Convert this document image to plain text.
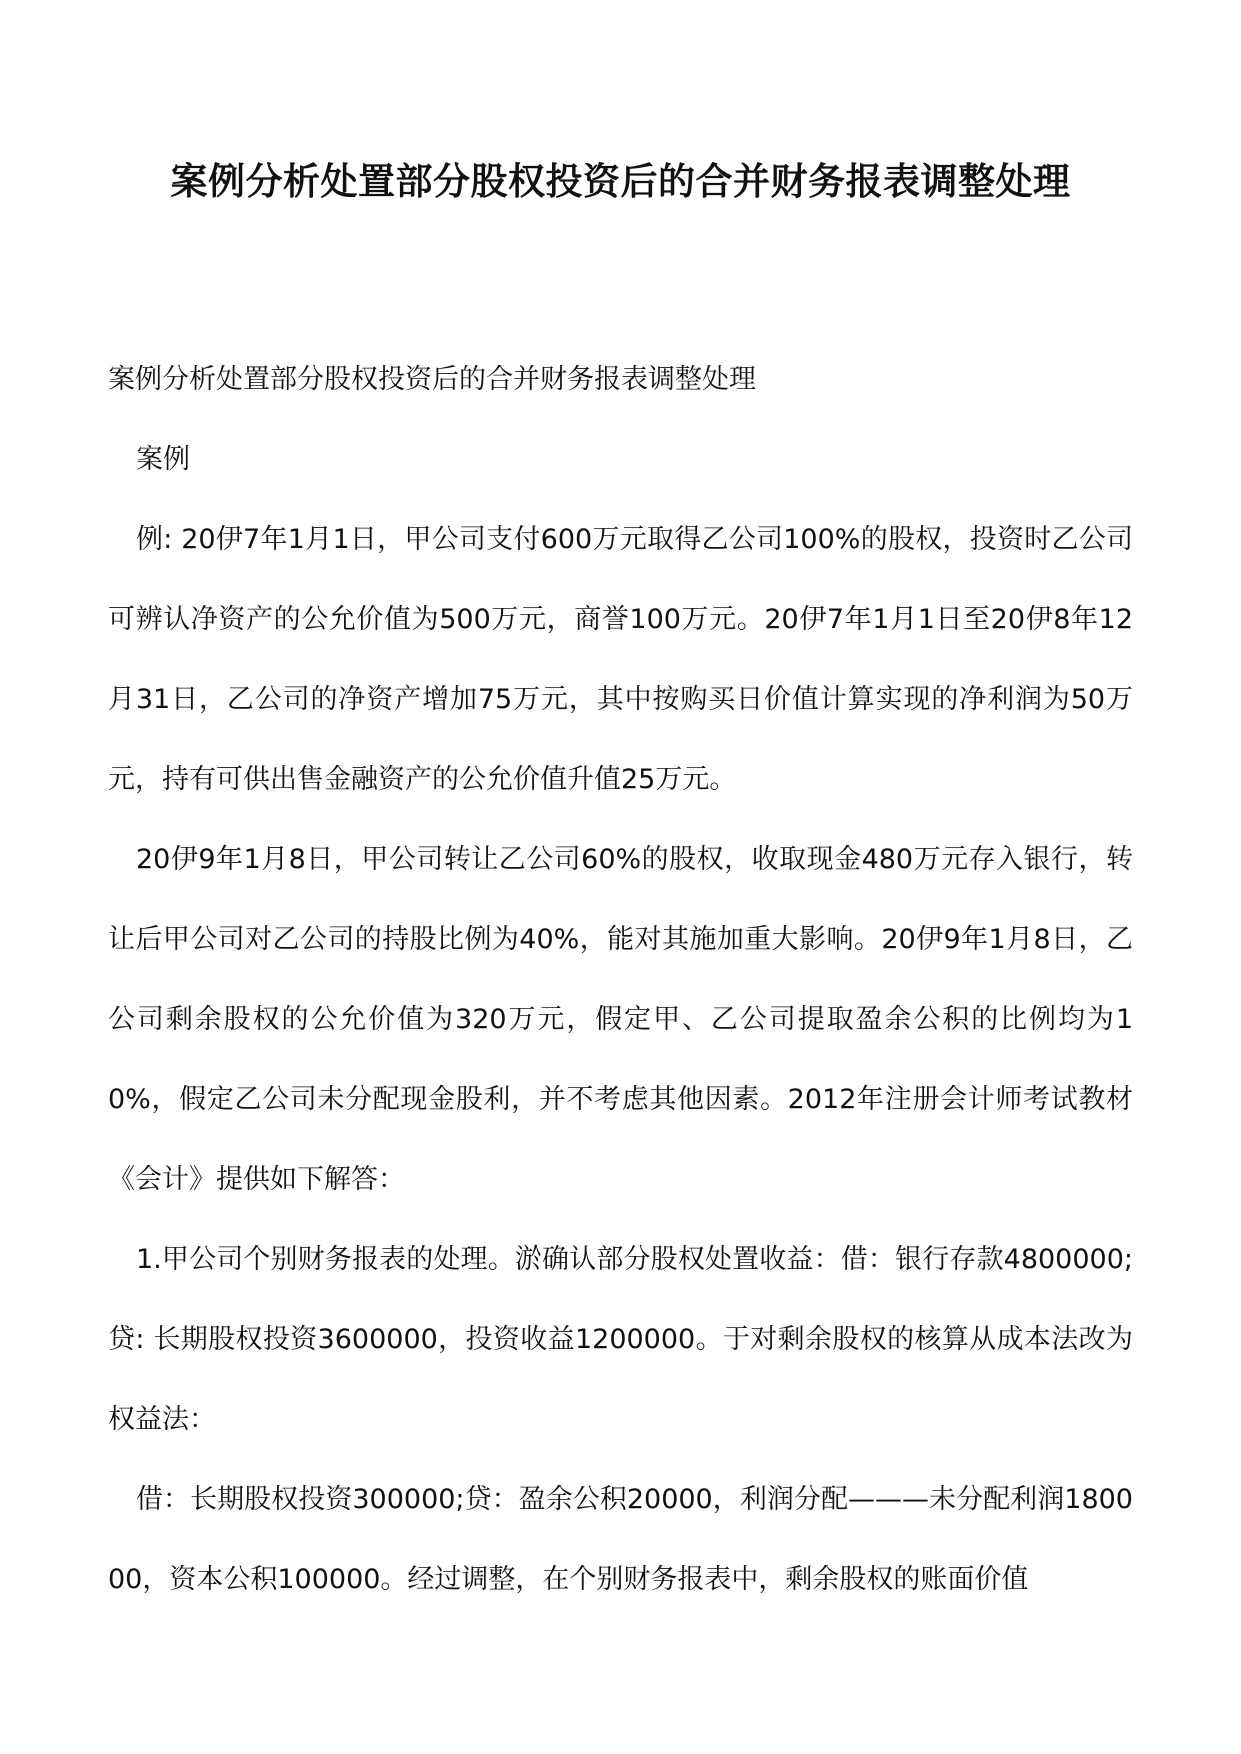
案例分析处置部分股权投资后的合并财务报表调整处理

案例分析处置部分股权投资后的合并财务报表调整处理

案例

例: 20伊7年1月1日，甲公司支付600万元取得乙公司100%的股权，投资时乙公司可辨认净资产的公允价值为500万元，商誉100万元。20伊7年1月1日至20伊8年12月31日，乙公司的净资产增加75万元，其中按购买日价值计算实现的净利润为50万元，持有可供出售金融资产的公允价值升值25万元。

20伊9年1月8日，甲公司转让乙公司60%的股权，收取现金480万元存入银行，转让后甲公司对乙公司的持股比例为40%，能对其施加重大影响。20伊9年1月8日，乙公司剩余股权的公允价值为320万元，假定甲、乙公司提取盈余公积的比例均为10%，假定乙公司未分配现金股利，并不考虑其他因素。2012年注册会计师考试教材《会计》提供如下解答：

1.甲公司个别财务报表的处理。淤确认部分股权处置收益：借：银行存款4800000;贷: 长期股权投资3600000，投资收益1200000。于对剩余股权的核算从成本法改为权益法：

借：长期股权投资300000;贷：盈余公积20000，利润分配———未分配利润180000，资本公积100000。经过调整，在个别财务报表中，剩余股权的账面价值
